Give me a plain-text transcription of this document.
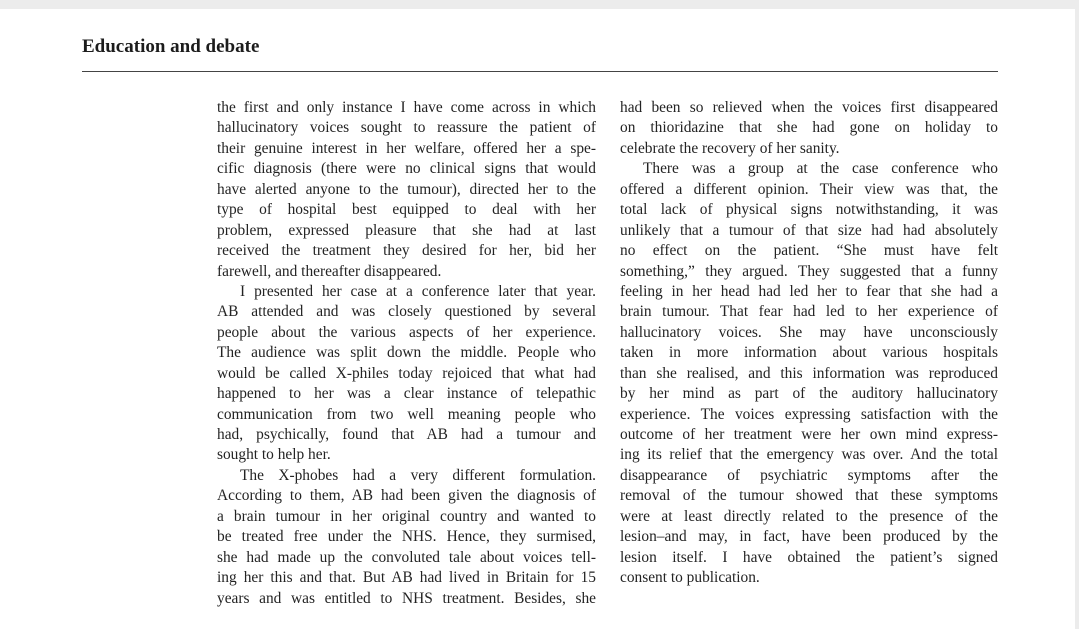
Education and debate
the first and only instance I have come across in which
hallucinatory voices sought to reassure the patient of
their genuine interest in her welfare, offered her a spe-
cific diagnosis (there were no clinical signs that would
have alerted anyone to the tumour), directed her to the
type of hospital best equipped to deal with her
problem, expressed pleasure that she had at last
received the treatment they desired for her, bid her
farewell, and thereafter disappeared.
I presented her case at a conference later that year.
AB attended and was closely questioned by several
people about the various aspects of her experience.
The audience was split down the middle. People who
would be called X-philes today rejoiced that what had
happened to her was a clear instance of telepathic
communication from two well meaning people who
had, psychically, found that AB had a tumour and
sought to help her.
The X-phobes had a very different formulation.
According to them, AB had been given the diagnosis of
a brain tumour in her original country and wanted to
be treated free under the NHS. Hence, they surmised,
she had made up the convoluted tale about voices tell-
ing her this and that. But AB had lived in Britain for 15
years and was entitled to NHS treatment. Besides, she
had been so relieved when the voices first disappeared
on thioridazine that she had gone on holiday to
celebrate the recovery of her sanity.
There was a group at the case conference who
offered a different opinion. Their view was that, the
total lack of physical signs notwithstanding, it was
unlikely that a tumour of that size had had absolutely
no effect on the patient. “She must have felt
something,” they argued. They suggested that a funny
feeling in her head had led her to fear that she had a
brain tumour. That fear had led to her experience of
hallucinatory voices. She may have unconsciously
taken in more information about various hospitals
than she realised, and this information was reproduced
by her mind as part of the auditory hallucinatory
experience. The voices expressing satisfaction with the
outcome of her treatment were her own mind express-
ing its relief that the emergency was over. And the total
disappearance of psychiatric symptoms after the
removal of the tumour showed that these symptoms
were at least directly related to the presence of the
lesion–and may, in fact, have been produced by the
lesion itself. I have obtained the patient’s signed
consent to publication.
